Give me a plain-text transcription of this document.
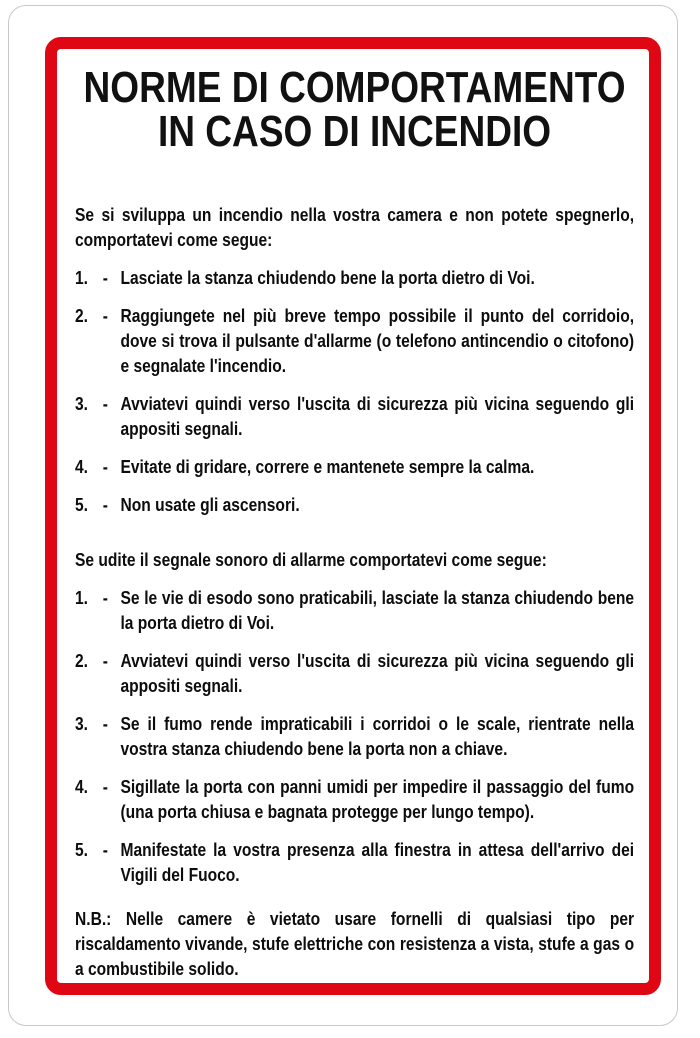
NORME DI COMPORTAMENTO
IN CASO DI INCENDIO

Se si sviluppa un incendio nella vostra camera e non potete spegnerlo, comportatevi come segue:

1. - Lasciate la stanza chiudendo bene la porta dietro di Voi.
2. - Raggiungete nel più breve tempo possibile il punto del corridoio, dove si trova il pulsante d'allarme (o telefono antincendio o citofono) e segnalate l'incendio.
3. - Avviatevi quindi verso l'uscita di sicurezza più vicina seguendo gli appositi segnali.
4. - Evitate di gridare, correre e mantenete sempre la calma.
5. - Non usate gli ascensori.

Se udite il segnale sonoro di allarme comportatevi come segue:

1. - Se le vie di esodo sono praticabili, lasciate la stanza chiudendo bene la porta dietro di Voi.
2. - Avviatevi quindi verso l'uscita di sicurezza più vicina seguendo gli appositi segnali.
3. - Se il fumo rende impraticabili i corridoi o le scale, rientrate nella vostra stanza chiudendo bene la porta non a chiave.
4. - Sigillate la porta con panni umidi per impedire il passaggio del fumo (una porta chiusa e bagnata protegge per lungo tempo).
5. - Manifestate la vostra presenza alla finestra in attesa dell'arrivo dei Vigili del Fuoco.

N.B.: Nelle camere è vietato usare fornelli di qualsiasi tipo per riscaldamento vivande, stufe elettriche con resistenza a vista, stufe a gas o a combustibile solido.
